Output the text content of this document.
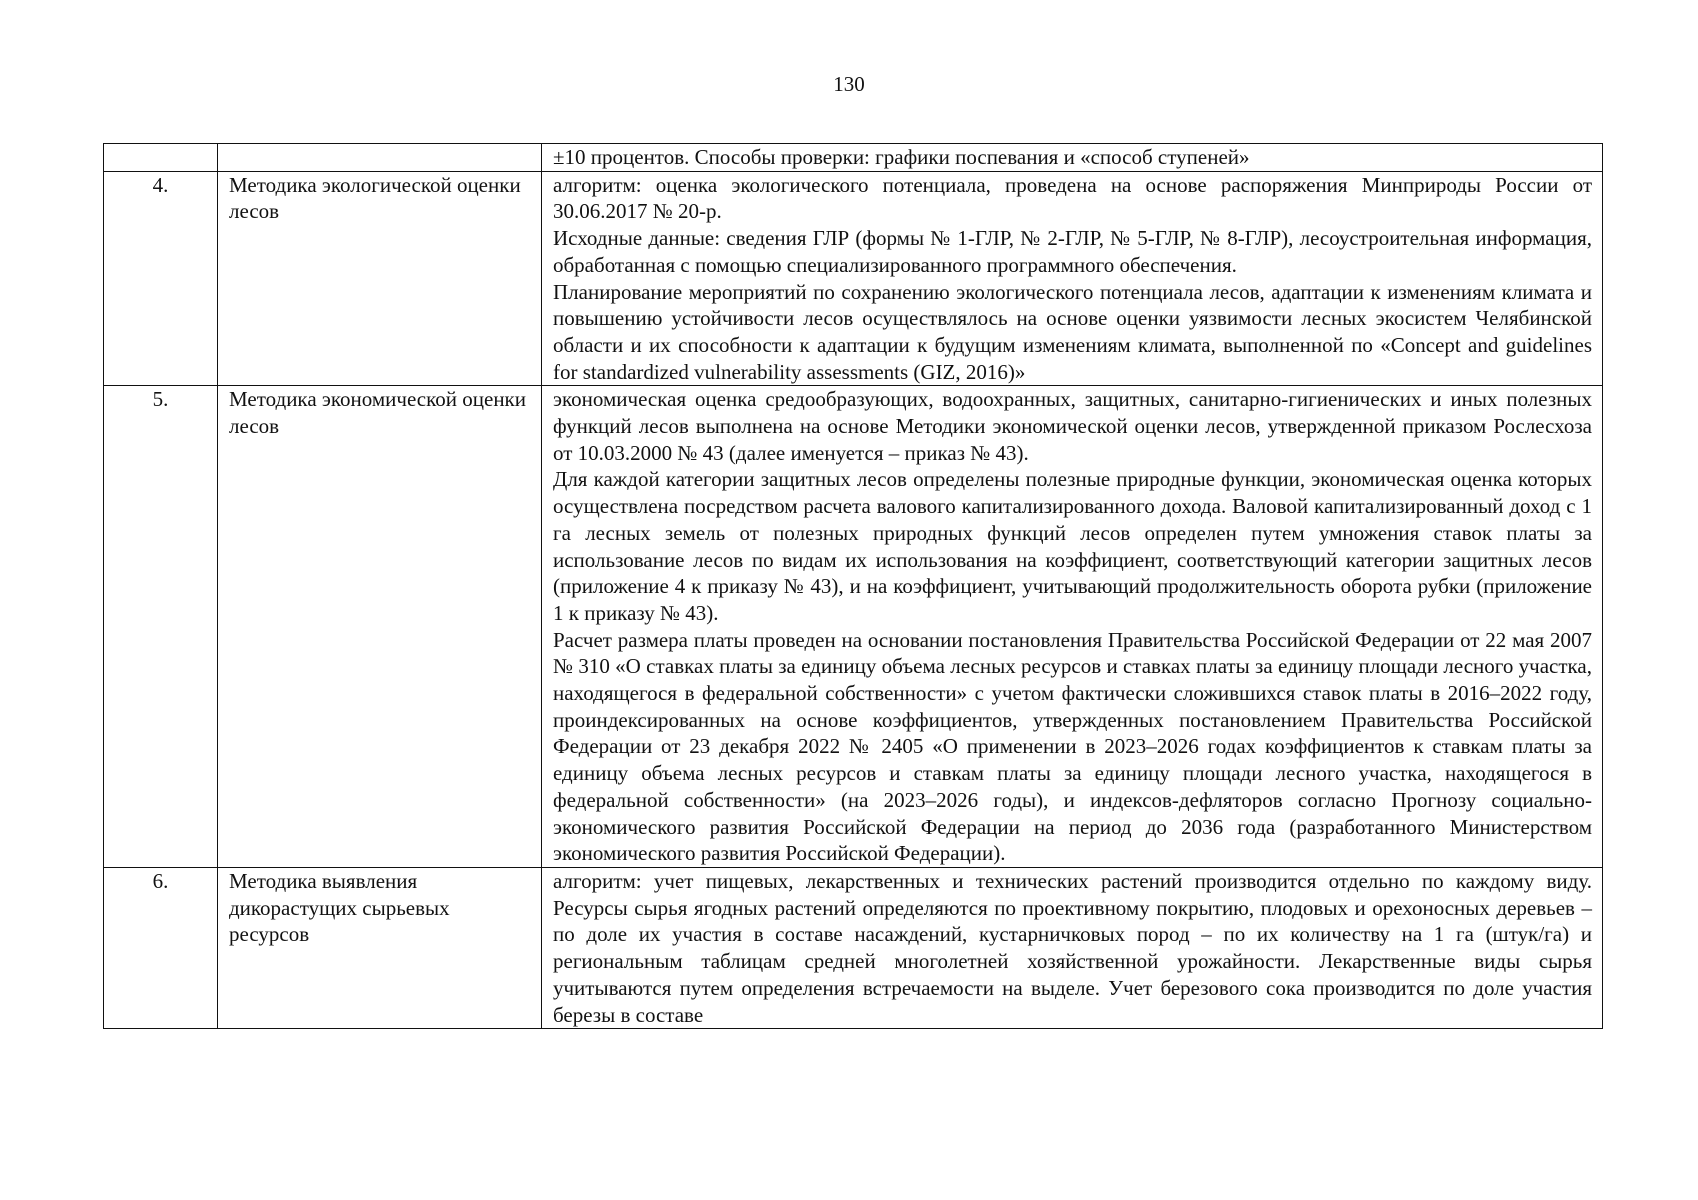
130

		±10 процентов. Способы проверки: графики поспевания и «способ ступеней»

4.	Методика экологической оценки лесов	алгоритм: оценка экологического потенциала, проведена на основе распоряжения Минприроды России от 30.06.2017 № 20-р.

Исходные данные: сведения ГЛР (формы № 1-ГЛР, № 2-ГЛР, № 5-ГЛР, № 8-ГЛР), лесоустроительная информация, обработанная с помощью специализированного программного обеспечения.

Планирование мероприятий по сохранению экологического потенциала лесов, адаптации к изменениям климата и повышению устойчивости лесов осуществлялось на основе оценки уязвимости лесных экосистем Челябинской области и их способности к адаптации к будущим изменениям климата, выполненной по «Concept and guidelines for standardized vulnerability assessments (GIZ, 2016)»

5.	Методика экономической оценки лесов	экономическая оценка средообразующих, водоохранных, защитных, санитарно-гигиенических и иных полезных функций лесов выполнена на основе Методики экономической оценки лесов, утвержденной приказом Рослесхоза от 10.03.2000 № 43 (далее именуется – приказ № 43).

Для каждой категории защитных лесов определены полезные природные функции, экономическая оценка которых осуществлена посредством расчета валового капитализированного дохода. Валовой капитализированный доход с 1 га лесных земель от полезных природных функций лесов определен путем умножения ставок платы за использование лесов по видам их использования на коэффициент, соответствующий категории защитных лесов (приложение 4 к приказу № 43), и на коэффициент, учитывающий продолжительность оборота рубки (приложение 1 к приказу № 43).

Расчет размера платы проведен на основании постановления Правительства Российской Федерации от 22 мая 2007 № 310 «О ставках платы за единицу объема лесных ресурсов и ставках платы за единицу площади лесного участка, находящегося в федеральной собственности» с учетом фактически сложившихся ставок платы в 2016–2022 году, проиндексированных на основе коэффициентов, утвержденных постановлением Правительства Российской Федерации от 23 декабря 2022 № 2405 «О применении в 2023–2026 годах коэффициентов к ставкам платы за единицу объема лесных ресурсов и ставкам платы за единицу площади лесного участка, находящегося в федеральной собственности» (на 2023–2026 годы), и индексов-дефляторов согласно Прогнозу социально-экономического развития Российской Федерации на период до 2036 года (разработанного Министерством экономического развития Российской Федерации).

6.	Методика выявления дикорастущих сырьевых ресурсов	алгоритм: учет пищевых, лекарственных и технических растений производится отдельно по каждому виду. Ресурсы сырья ягодных растений определяются по проективному покрытию, плодовых и орехоносных деревьев – по доле их участия в составе насаждений, кустарничковых пород – по их количеству на 1 га (штук/га) и региональным таблицам средней многолетней хозяйственной урожайности. Лекарственные виды сырья учитываются путем определения встречаемости на выделе. Учет березового сока производится по доле участия березы в составе
